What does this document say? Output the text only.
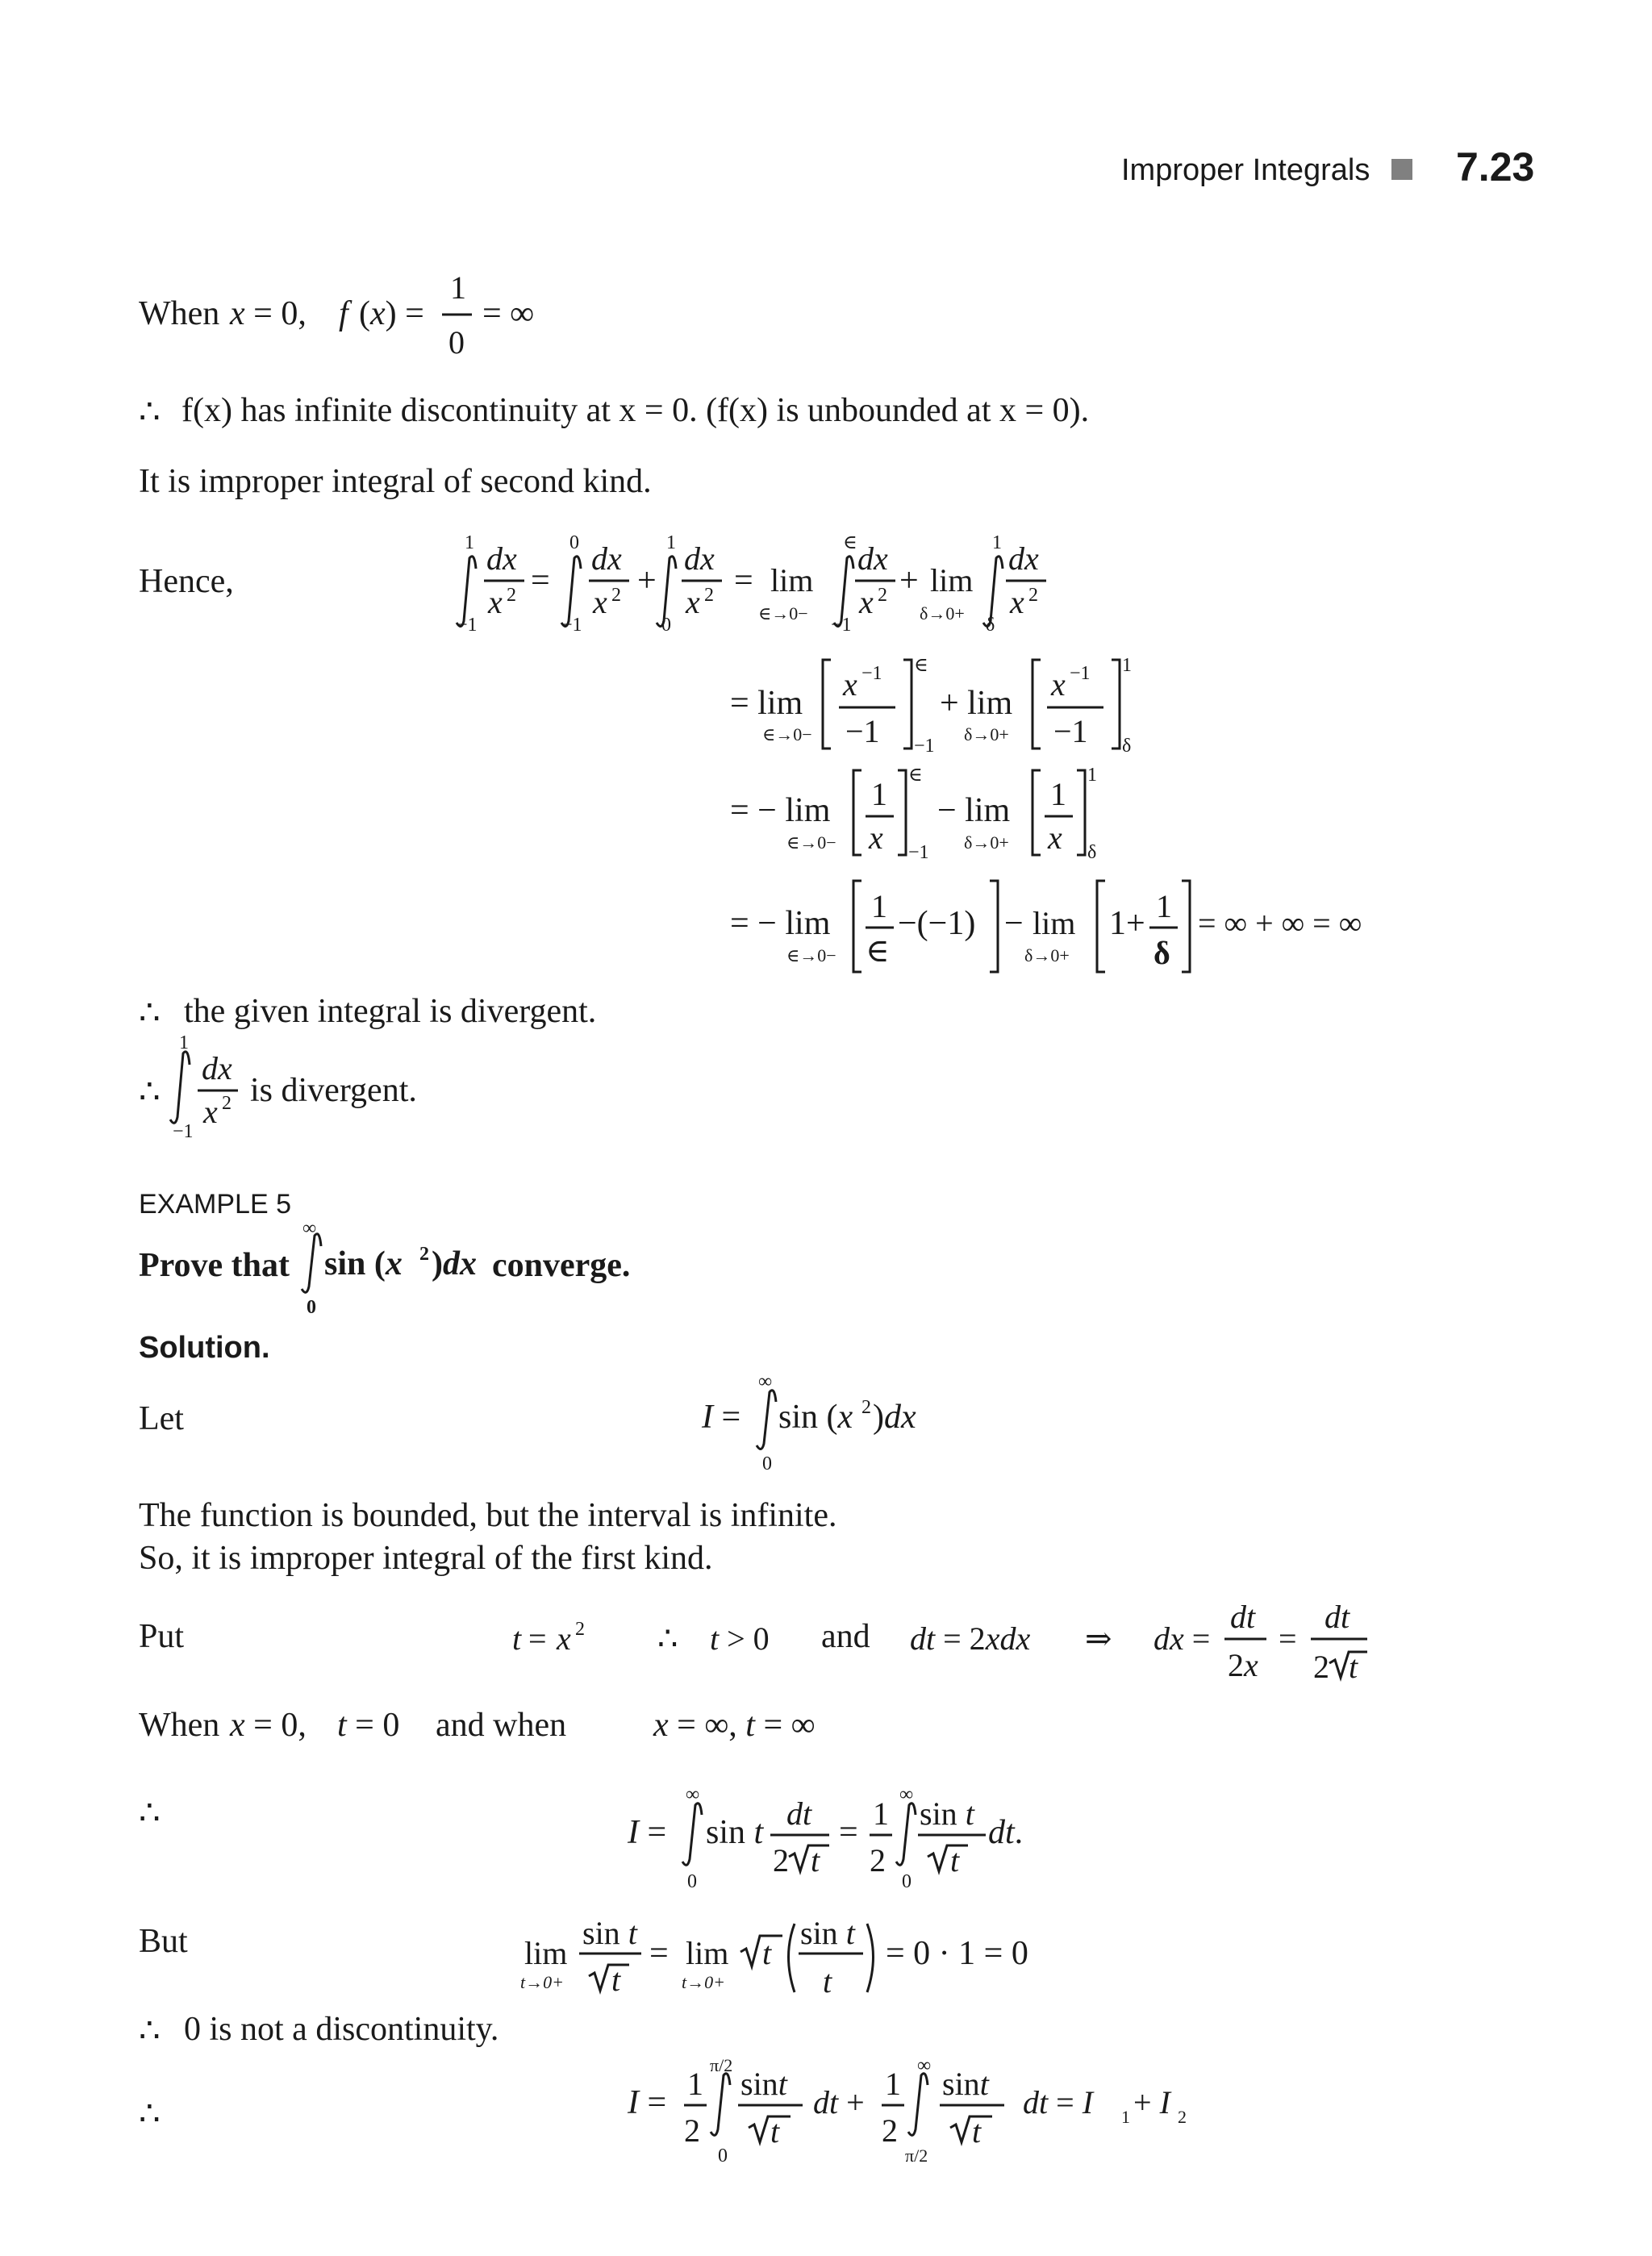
Improper Integrals 7.23
When
∴ f(x) has infinite discontinuity at x = 0. (f(x) is unbounded at x = 0).
It is improper integral of second kind.
Hence,
∴ the given integral is divergent.
∴	is divergent.
EXAMPLE 5
Prove that	converge.
Solution.
Let
The function is bounded, but the interval is infinite.
So, it is improper integral of the first kind.
Put	and
When	and when
∴
But
∴ 0 is not a discontinuity.
∴
x = 0, f (x) =
1
0
= ∞
1
−1
dx
x 2 =
0
−1
dx
x 2 +
1
0
dx
x 2 = lim
∈→0−
∈
−1
dx
x 2 + lim
δ→0+
1
δ
dx
x 2
= lim
∈→0−
x −1
−1
∈
−1
+ lim
δ→0+
x −1
−1
1
δ
= − lim
∈→0−
1
x
∈
−1
− lim
δ→0+
1
x
1
δ
= − lim
∈→0−
1
∈
−(−1) − lim
δ→0+
1+ 1
δ
= ∞ + ∞ = ∞
1
−1
dx
x 2
∞
0
sin (x 2 )dx
I =
∞
0
sin (x 2 )dx
t = x 2 ∴ t > 0	dt = 2xdx ⇒ dx =
dt
2x
=
dt
2 t
x = 0, t = 0	x = ∞, t = ∞
I =
∞
0
sin t
dt
2 t
=
1
2
∞
0
sin t
t
dt.
lim
t→0+
sin t
t
= lim
t→0+
t
sin t
t
= 0 · 1 = 0
I =
1
2
π/2
0
sint
t
dt +
1
2
∞
π/2
sint
t
dt = I 1 + I 2
